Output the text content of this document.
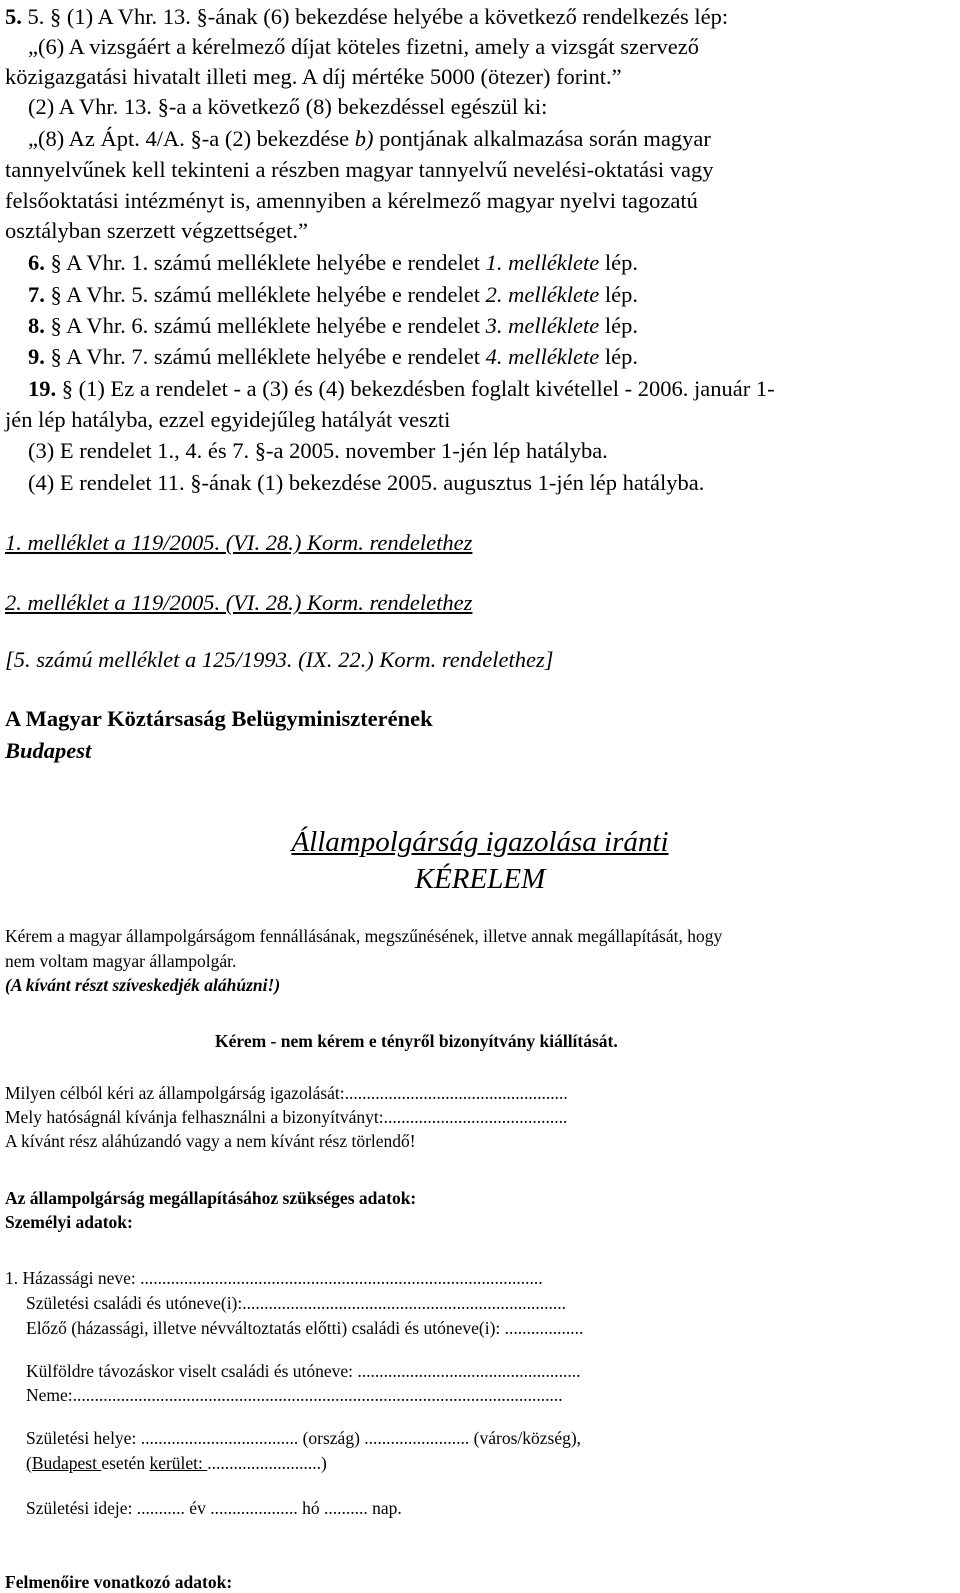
5. 5. § (1) A Vhr. 13. §-ának (6) bekezdése helyébe a következő rendelkezés lép:
„(6) A vizsgáért a kérelmező díjat köteles fizetni, amely a vizsgát szervező
közigazgatási hivatalt illeti meg. A díj mértéke 5000 (ötezer) forint.”
(2) A Vhr. 13. §-a a következő (8) bekezdéssel egészül ki:
„(8) Az Ápt. 4/A. §-a (2) bekezdése b) pontjának alkalmazása során magyar
tannyelvűnek kell tekinteni a részben magyar tannyelvű nevelési-oktatási vagy
felsőoktatási intézményt is, amennyiben a kérelmező magyar nyelvi tagozatú
osztályban szerzett végzettséget.”
6. § A Vhr. 1. számú melléklete helyébe e rendelet 1. melléklete lép.
7. § A Vhr. 5. számú melléklete helyébe e rendelet 2. melléklete lép.
8. § A Vhr. 6. számú melléklete helyébe e rendelet 3. melléklete lép.
9. § A Vhr. 7. számú melléklete helyébe e rendelet 4. melléklete lép.
19. § (1) Ez a rendelet - a (3) és (4) bekezdésben foglalt kivétellel - 2006. január 1-
jén lép hatályba, ezzel egyidejűleg hatályát veszti
(3) E rendelet 1., 4. és 7. §-a 2005. november 1-jén lép hatályba.
(4) E rendelet 11. §-ának (1) bekezdése 2005. augusztus 1-jén lép hatályba.
1. melléklet a 119/2005. (VI. 28.) Korm. rendelethez
2. melléklet a 119/2005. (VI. 28.) Korm. rendelethez
[5. számú melléklet a 125/1993. (IX. 22.) Korm. rendelethez]
A Magyar Köztársaság Belügyminiszterének
Budapest
Állampolgárság igazolása iránti
KÉRELEM
Kérem a magyar állampolgárságom fennállásának, megszűnésének, illetve annak megállapítását, hogy
nem voltam magyar állampolgár.
(A kívánt részt szíveskedjék aláhúzni!)
Kérem - nem kérem e tényről bizonyítvány kiállítását.
Milyen célból kéri az állampolgárság igazolását:...................................................
Mely hatóságnál kívánja felhasználni a bizonyítványt:..........................................
A kívánt rész aláhúzandó vagy a nem kívánt rész törlendő!
Az állampolgárság megállapításához szükséges adatok:
Személyi adatok:
1. Házassági neve: ............................................................................................
Születési családi és utóneve(i):..........................................................................
Előző (házassági, illetve névváltoztatás előtti) családi és utóneve(i): ..................
Külföldre távozáskor viselt családi és utóneve: ...................................................
Neme:................................................................................................................
Születési helye: .................................... (ország) ........................ (város/község),
(Budapest esetén kerület: ..........................)
Születési ideje: ........... év .................... hó .......... nap.
Felmenőire vonatkozó adatok:
